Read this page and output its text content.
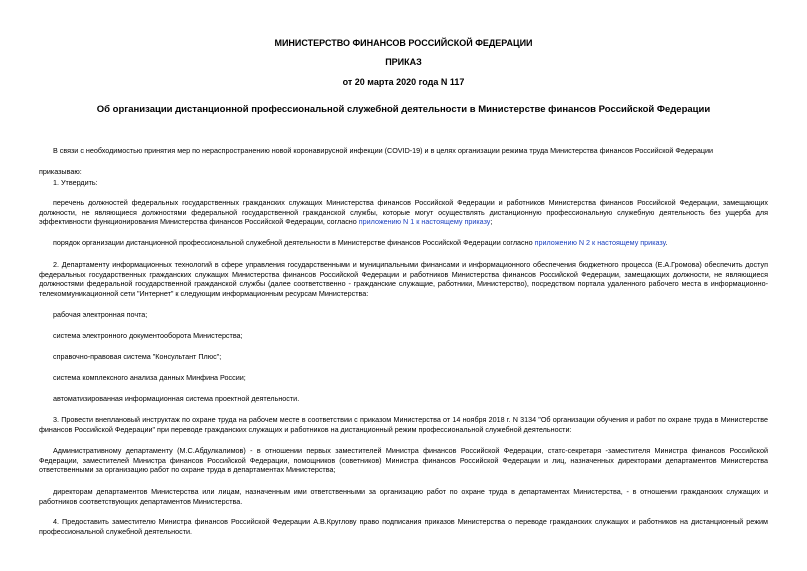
МИНИСТЕРСТВО ФИНАНСОВ РОССИЙСКОЙ ФЕДЕРАЦИИ
ПРИКАЗ
от 20 марта 2020 года N 117
Об организации дистанционной профессиональной служебной деятельности в Министерстве финансов Российской Федерации

В связи с необходимостью принятия мер по нераспространению новой коронавирусной инфекции (COVID-19) и в целях организации режима труда Министерства финансов Российской Федерации

приказываю:

1. Утвердить:

перечень должностей федеральных государственных гражданских служащих Министерства финансов Российской Федерации и работников Министерства финансов Российской Федерации, замещающих должности, не являющиеся должностями федеральной государственной гражданской службы, которые могут осуществлять дистанционную профессиональную служебную деятельность без ущерба для эффективности функционирования Министерства финансов Российской Федерации, согласно приложению N 1 к настоящему приказу;

порядок организации дистанционной профессиональной служебной деятельности в Министерстве финансов Российской Федерации согласно приложению N 2 к настоящему приказу.

2. Департаменту информационных технологий в сфере управления государственными и муниципальными финансами и информационного обеспечения бюджетного процесса (Е.А.Громова) обеспечить доступ федеральных государственных гражданских служащих Министерства финансов Российской Федерации и работников Министерства финансов Российской Федерации, замещающих должности, не являющиеся должностями федеральной государственной гражданской службы (далее соответственно - гражданские служащие, работники, Министерство), посредством портала удаленного рабочего места в информационно-телекоммуникационной сети "Интернет" к следующим информационным ресурсам Министерства:

рабочая электронная почта;

система электронного документооборота Министерства;

справочно-правовая система "Консультант Плюс";

система комплексного анализа данных Минфина России;

автоматизированная информационная система проектной деятельности.

3. Провести внеплановый инструктаж по охране труда на рабочем месте в соответствии с приказом Министерства от 14 ноября 2018 г. N 3134 "Об организации обучения и работ по охране труда в Министерстве финансов Российской Федерации" при переводе гражданских служащих и работников на дистанционный режим профессиональной служебной деятельности:

Административному департаменту (М.С.Абдулкалимов) - в отношении первых заместителей Министра финансов Российской Федерации, статс-секретаря -заместителя Министра финансов Российской Федерации, заместителей Министра финансов Российской Федерации, помощников (советников) Министра финансов Российской Федерации и лиц, назначенных директорами департаментов Министерства ответственными за организацию работ по охране труда в департаментах Министерства;

директорам департаментов Министерства или лицам, назначенным ими ответственными за организацию работ по охране труда в департаментах Министерства, - в отношении гражданских служащих и работников соответствующих департаментов Министерства.

4. Предоставить заместителю Министра финансов Российской Федерации А.В.Круглову право подписания приказов Министерства о переводе гражданских служащих и работников на дистанционный режим профессиональной служебной деятельности.
